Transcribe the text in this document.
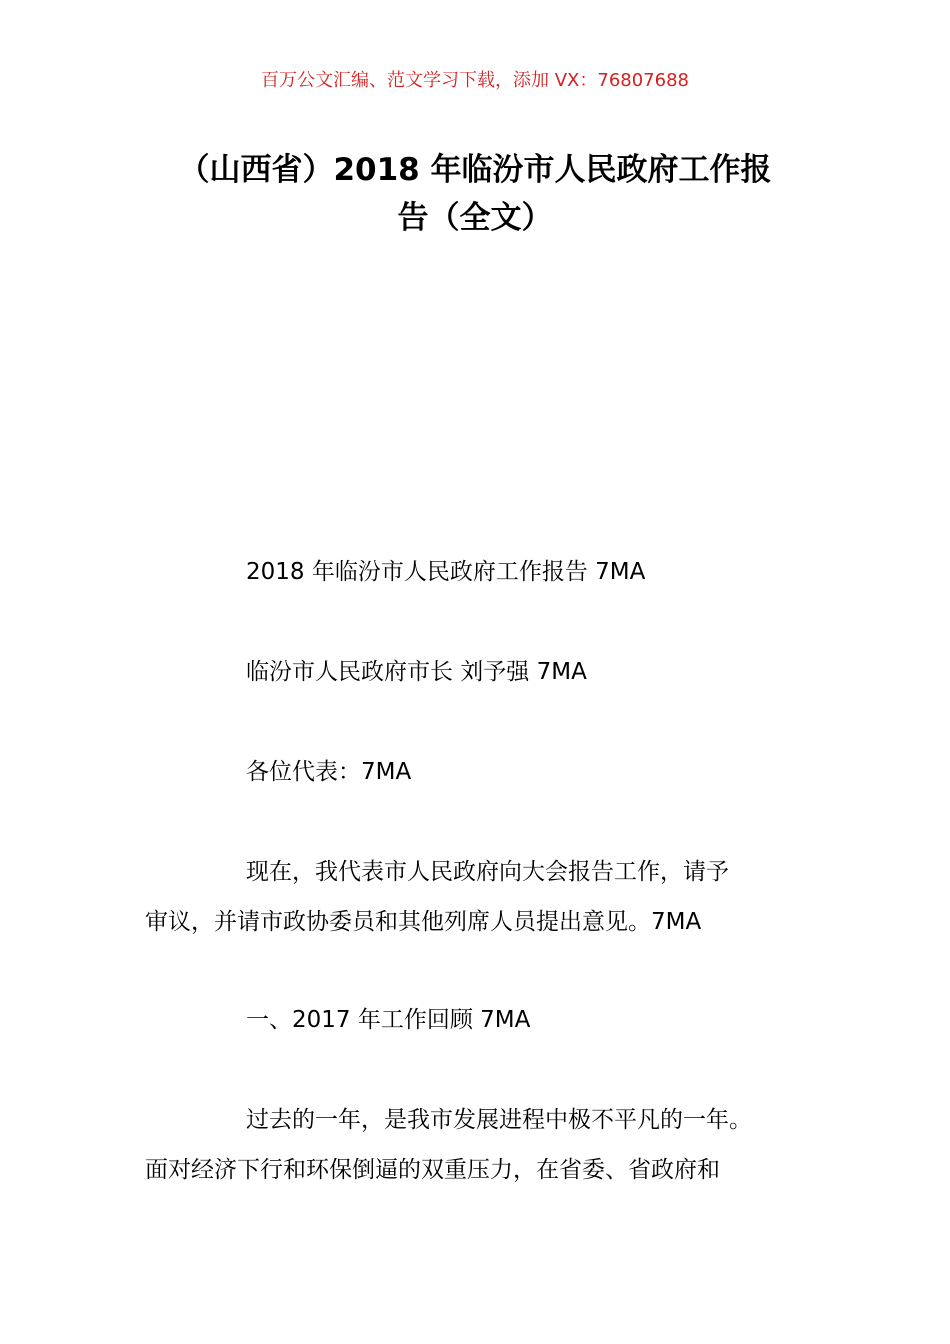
百万公文汇编、范文学习下载，添加 VX：76807688
（山西省）2018 年临汾市人民政府工作报
告（全文）
2018 年临汾市人民政府工作报告 7MA
临汾市人民政府市长 刘予强 7MA
各位代表：7MA
现在，我代表市人民政府向大会报告工作，请予
审议，并请市政协委员和其他列席人员提出意见。7MA
一、2017 年工作回顾 7MA
过去的一年，是我市发展进程中极不平凡的一年。
面对经济下行和环保倒逼的双重压力，在省委、省政府和
